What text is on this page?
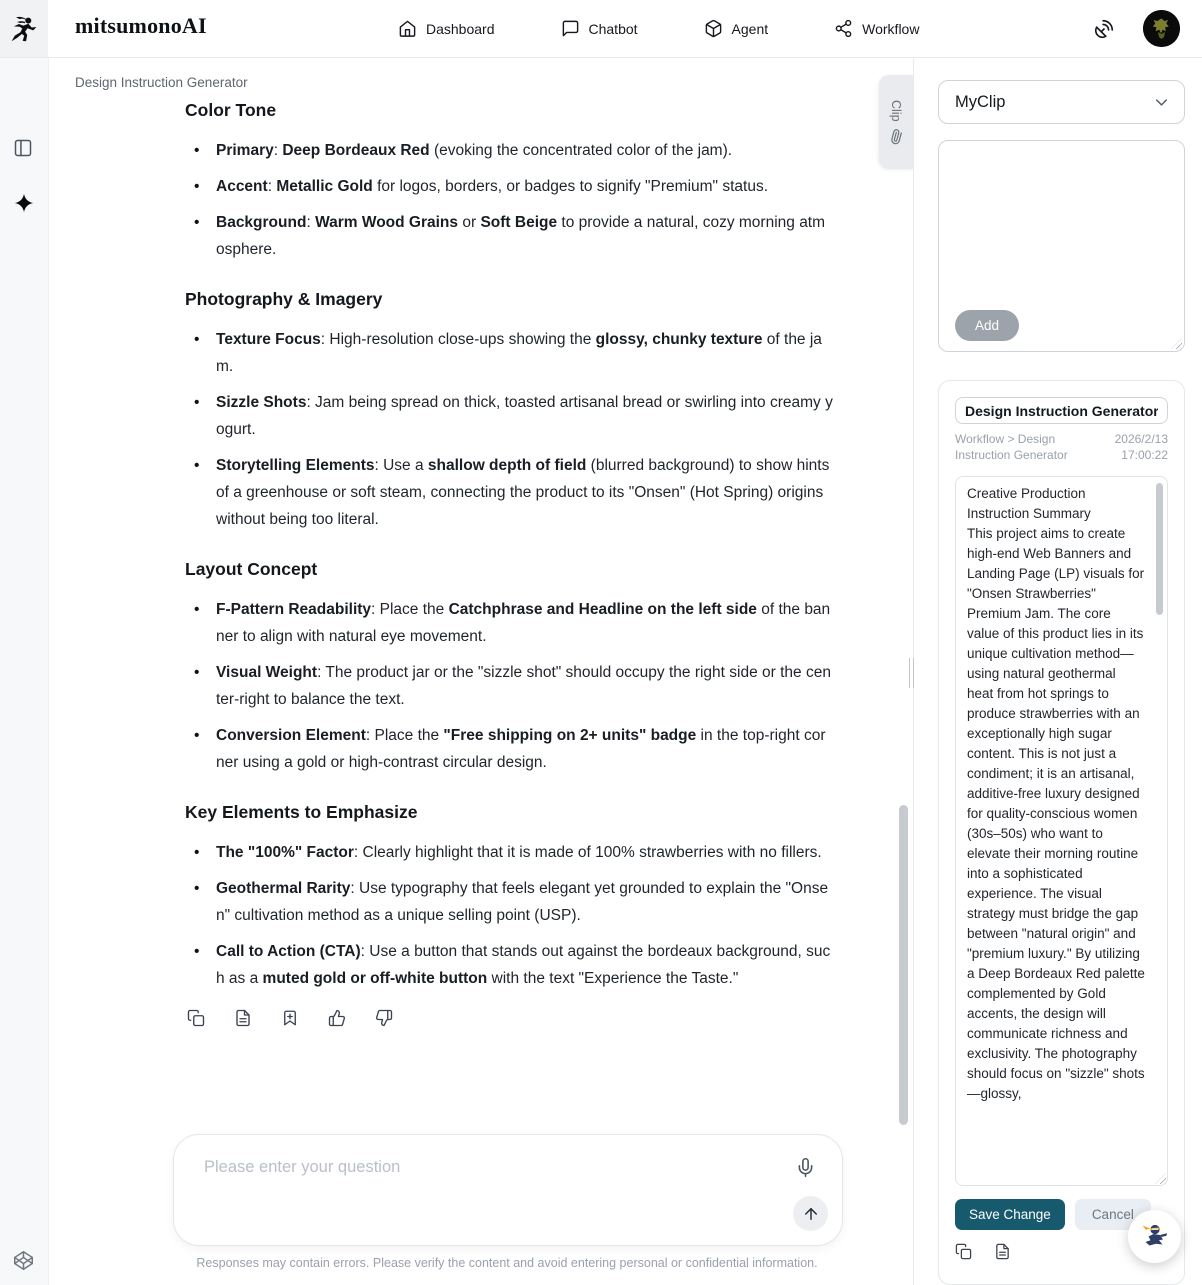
mitsumonoAI	Dashboard	Chatbot	Agent	Workflow
Design Instruction Generator
Clip
Color Tone
• Primary: Deep Bordeaux Red (evoking the concentrated color of the jam).
• Accent: Metallic Gold for logos, borders, or badges to signify "Premium" status.
• Background: Warm Wood Grains or Soft Beige to provide a natural, cozy morning atmosphere.
Photography & Imagery
• Texture Focus: High-resolution close-ups showing the glossy, chunky texture of the jam.
• Sizzle Shots: Jam being spread on thick, toasted artisanal bread or swirling into creamy yogurt.
• Storytelling Elements: Use a shallow depth of field (blurred background) to show hints of a greenhouse or soft steam, connecting the product to its "Onsen" (Hot Spring) origins without being too literal.
Layout Concept
• F-Pattern Readability: Place the Catchphrase and Headline on the left side of the banner to align with natural eye movement.
• Visual Weight: The product jar or the "sizzle shot" should occupy the right side or the center-right to balance the text.
• Conversion Element: Place the "Free shipping on 2+ units" badge in the top-right corner using a gold or high-contrast circular design.
Key Elements to Emphasize
• The "100%" Factor: Clearly highlight that it is made of 100% strawberries with no fillers.
• Geothermal Rarity: Use typography that feels elegant yet grounded to explain the "Onsen" cultivation method as a unique selling point (USP).
• Call to Action (CTA): Use a button that stands out against the bordeaux background, such as a muted gold or off-white button with the text "Experience the Taste."
Please enter your question
Responses may contain errors. Please verify the content and avoid entering personal or confidential information.
MyClip
Add
Design Instruction Generator
Workflow > Design Instruction Generator
2026/2/13
17:00:22
Creative Production Instruction Summary This project aims to create high-end Web Banners and Landing Page (LP) visuals for "Onsen Strawberries" Premium Jam. The core value of this product lies in its unique cultivation method—using natural geothermal heat from hot springs to produce strawberries with an exceptionally high sugar content. This is not just a condiment; it is an artisanal, additive-free luxury designed for quality-conscious women (30s–50s) who want to elevate their morning routine into a sophisticated experience. The visual strategy must bridge the gap between "natural origin" and "premium luxury." By utilizing a Deep Bordeaux Red palette complemented by Gold accents, the design will communicate richness and exclusivity. The photography should focus on "sizzle" shots—glossy,
Save Change	Cancel
